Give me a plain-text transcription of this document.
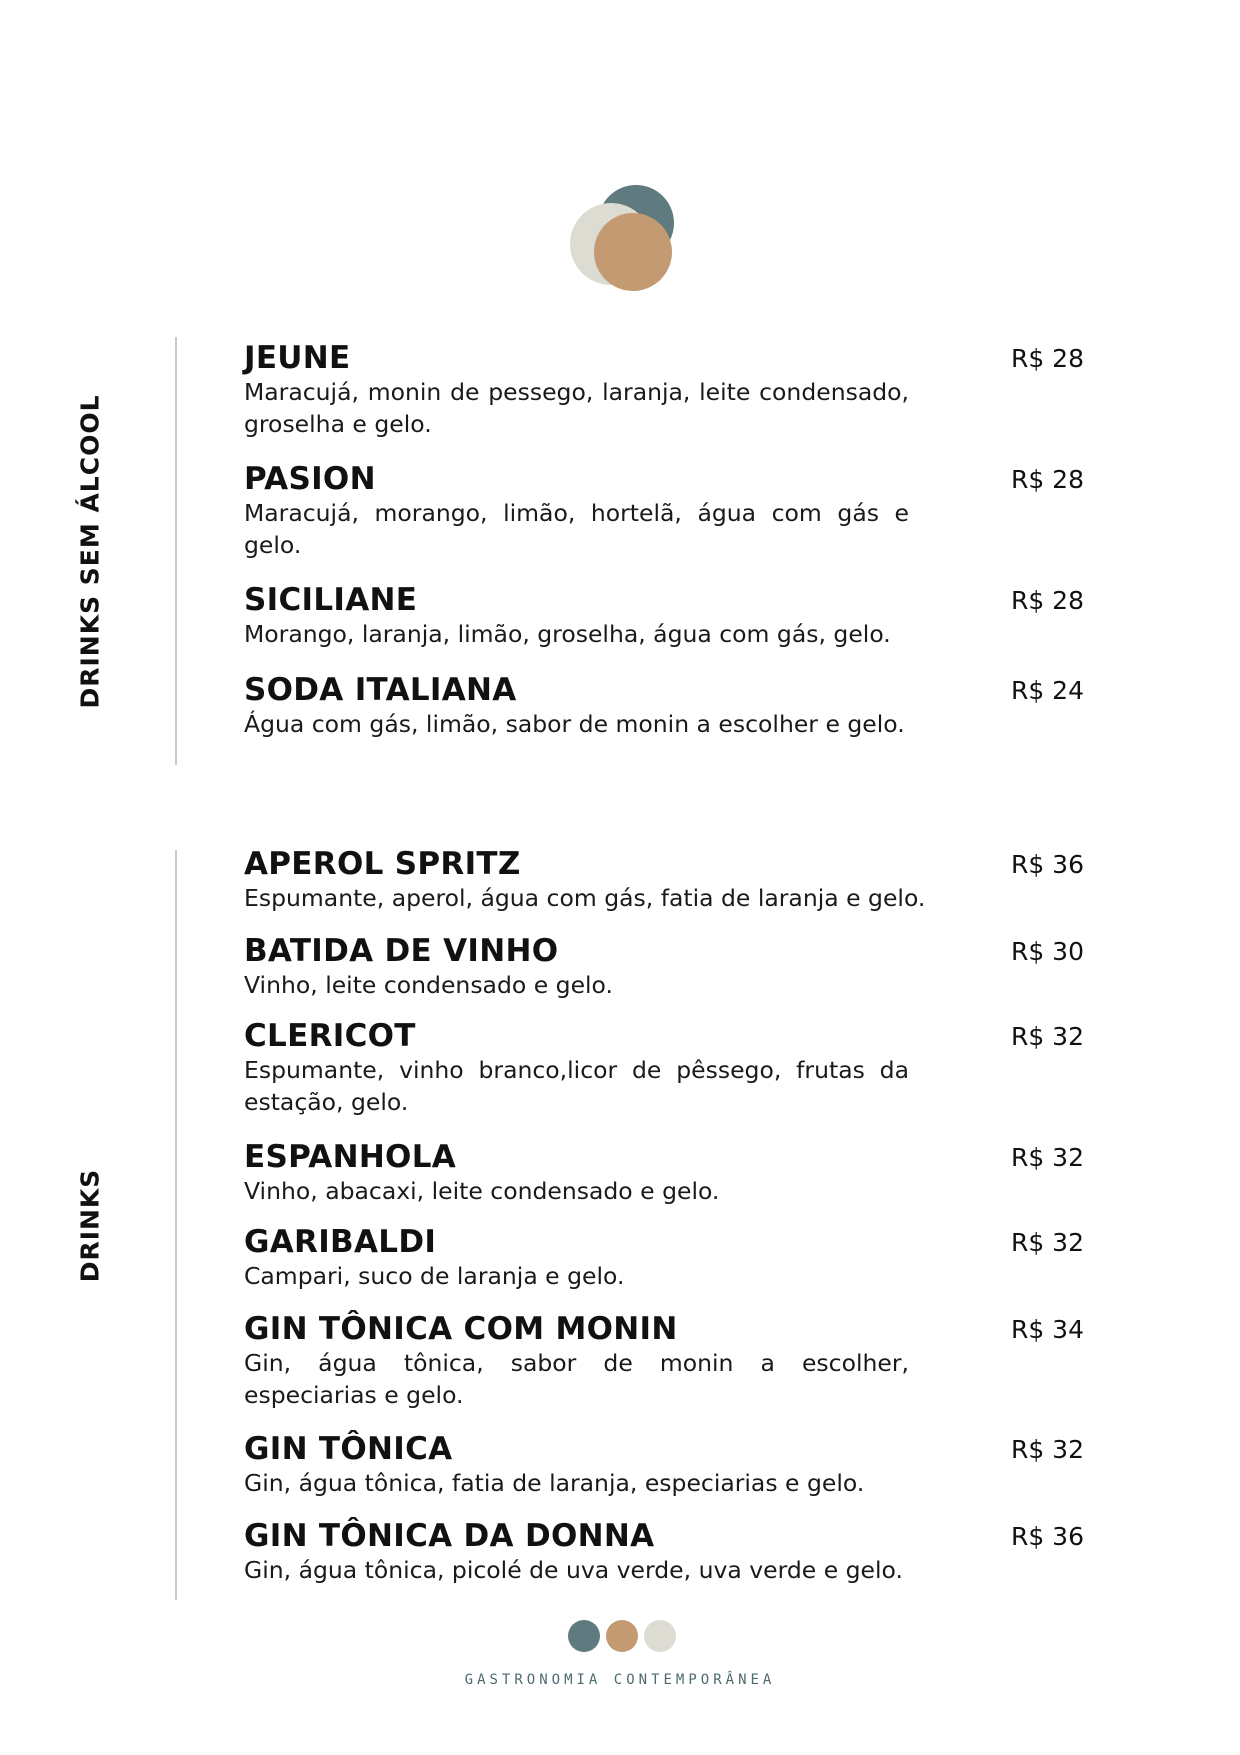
DRINKS SEM ÁLCOOL
JEUNE
Maracujá, monin de pessego, laranja, leite condensado, groselha e gelo.
R$ 28
PASION
Maracujá, morango, limão, hortelã, água com gás e gelo.
R$ 28
SICILIANE
Morango, laranja, limão, groselha, água com gás, gelo.
R$ 28
SODA ITALIANA
Água com gás, limão, sabor de monin a escolher e gelo.
R$ 24
DRINKS
APEROL SPRITZ
Espumante, aperol, água com gás, fatia de laranja e gelo.
R$ 36
BATIDA DE VINHO
Vinho, leite condensado e gelo.
R$ 30
CLERICOT
Espumante, vinho branco,licor de pêssego, frutas da estação, gelo.
R$ 32
ESPANHOLA
Vinho, abacaxi, leite condensado e gelo.
R$ 32
GARIBALDI
Campari, suco de laranja e gelo.
R$ 32
GIN TÔNICA COM MONIN
Gin, água tônica, sabor de monin a escolher, especiarias e gelo.
R$ 34
GIN TÔNICA
Gin, água tônica, fatia de laranja, especiarias e gelo.
R$ 32
GIN TÔNICA DA DONNA
Gin, água tônica, picolé de uva verde, uva verde e gelo.
R$ 36
GASTRONOMIA CONTEMPORÂNEA
